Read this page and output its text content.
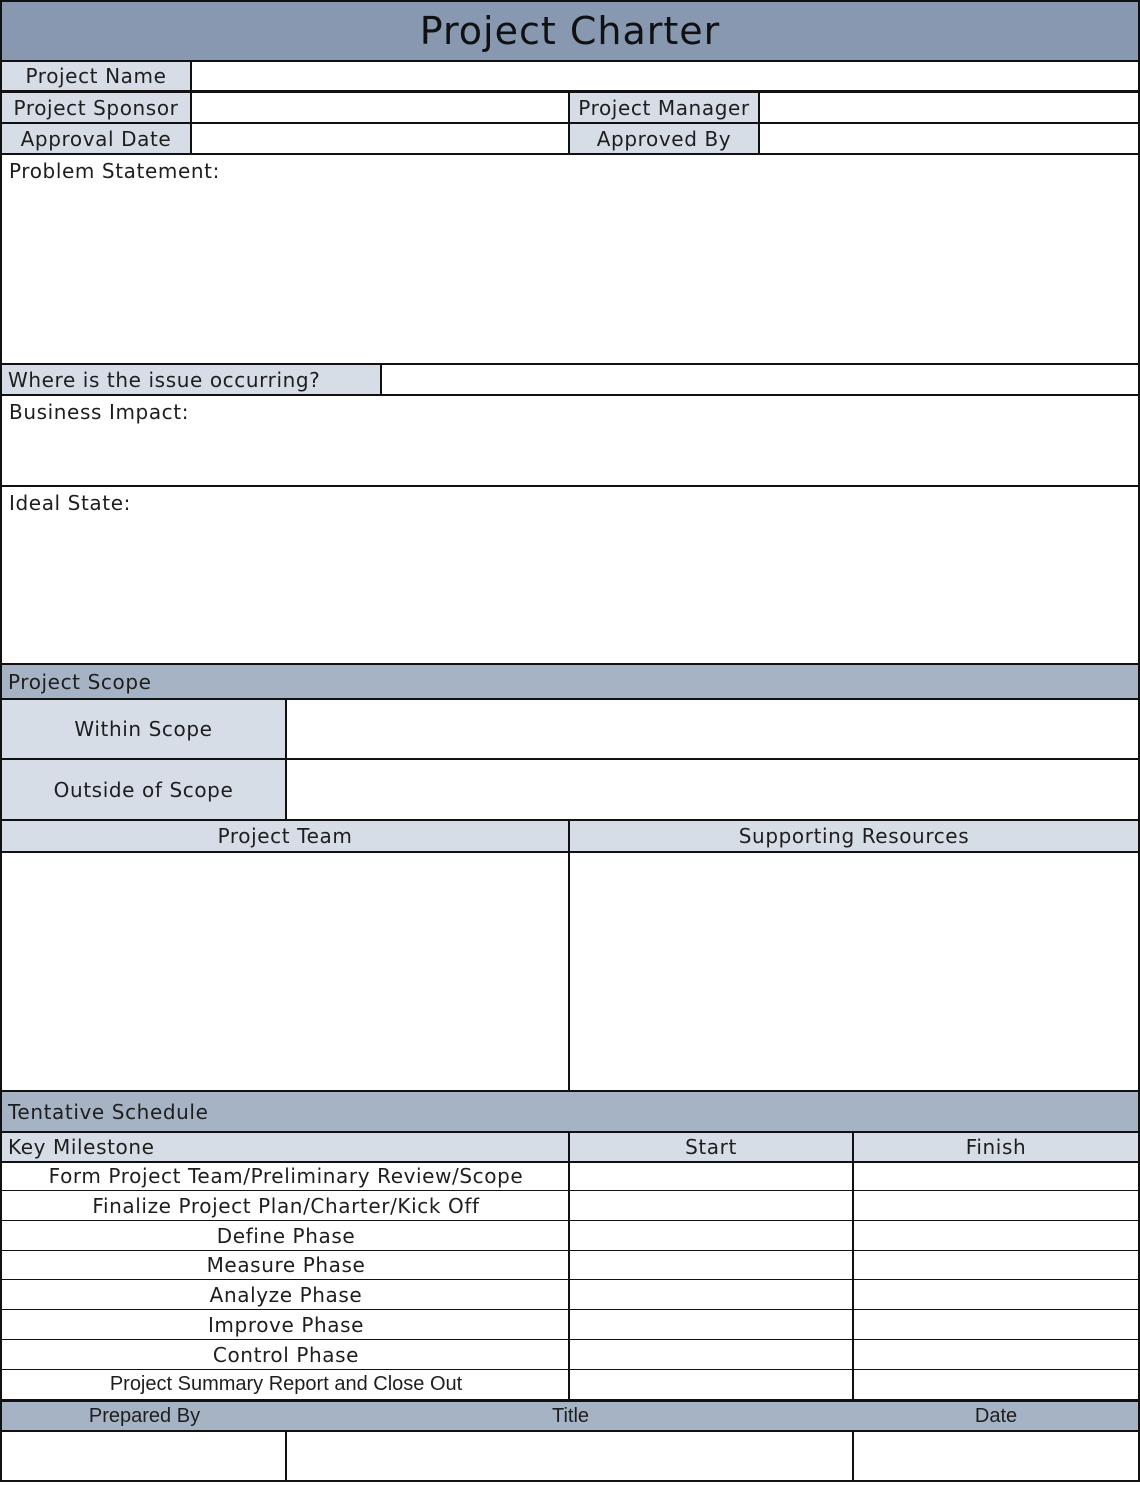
Project Charter
Project Name
Project Sponsor	Project Manager
Approval Date	Approved By
Problem Statement:
Where is the issue occurring?
Business Impact:
Ideal State:
Project Scope
Within Scope
Outside of Scope
Project Team	Supporting Resources
Tentative Schedule
Key Milestone	Start	Finish
Form Project Team/Preliminary Review/Scope
Finalize Project Plan/Charter/Kick Off
Define Phase
Measure Phase
Analyze Phase
Improve Phase
Control Phase
Project Summary Report and Close Out
Prepared By	Title	Date
